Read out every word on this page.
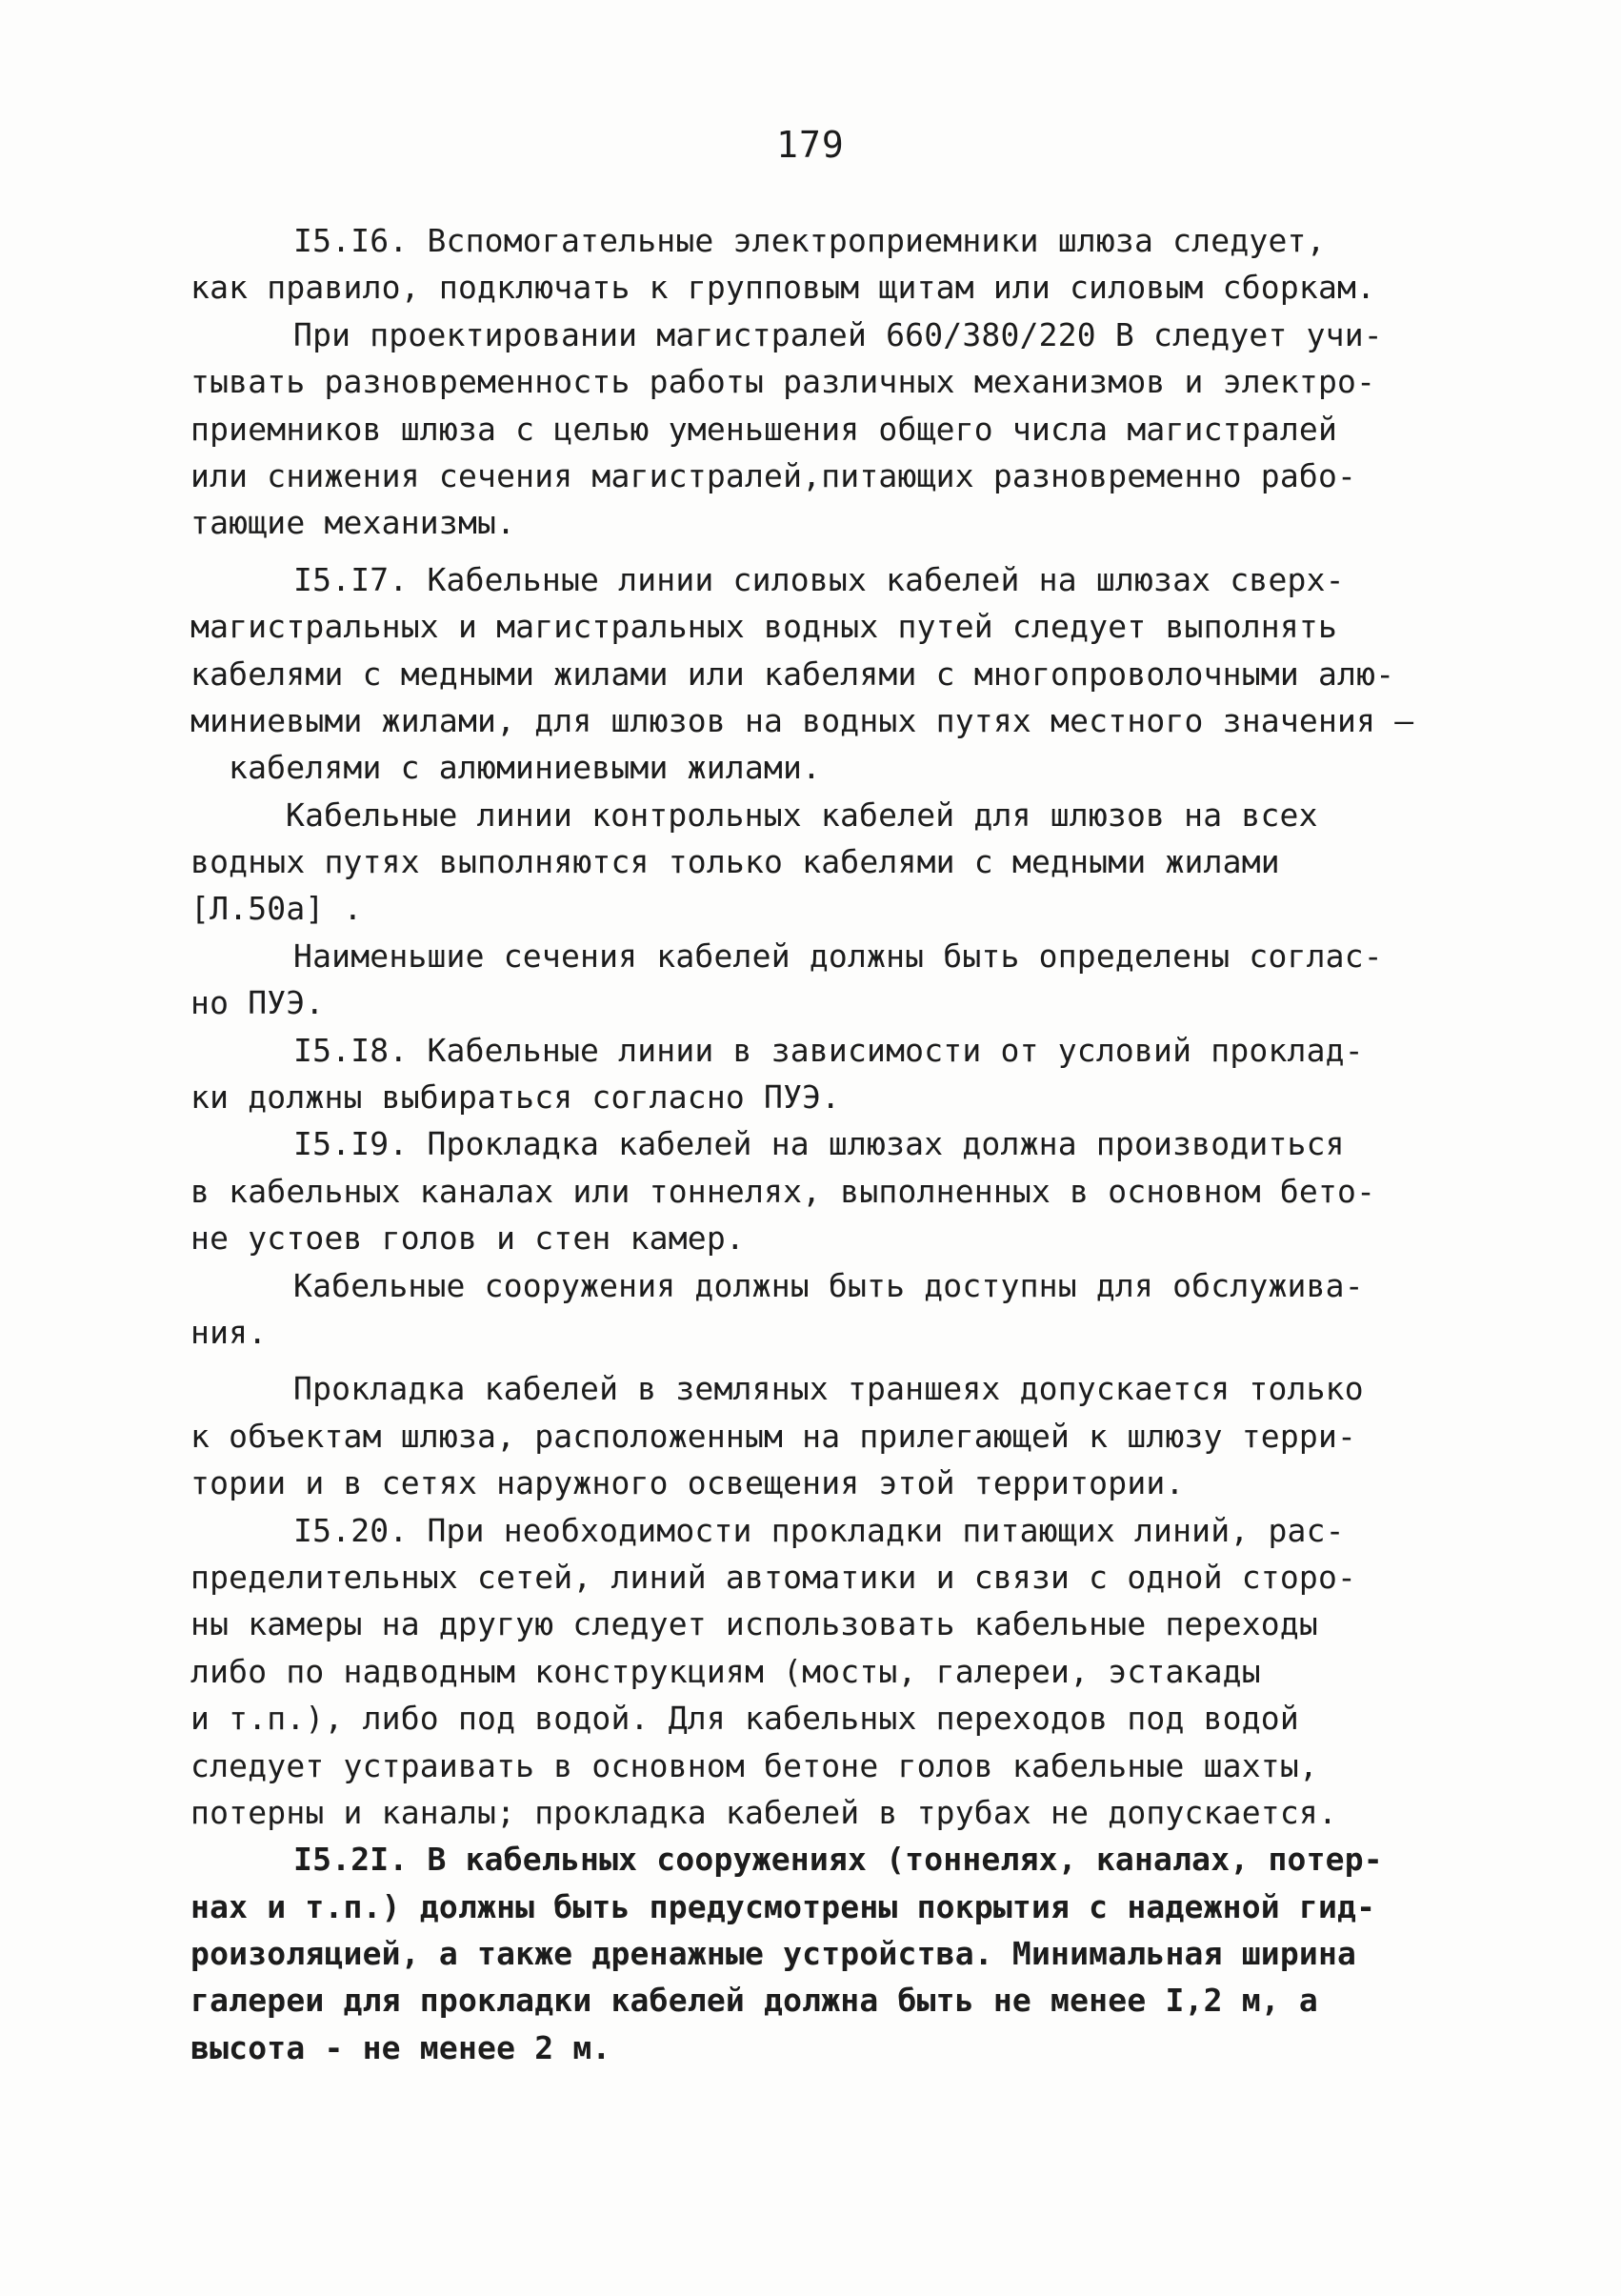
179
I5.I6. Вспомогательные электроприемники шлюза следует,
как правило, подключать к групповым щитам или силовым сборкам.
При проектировании магистралей 660/380/220 В следует учи-
тывать разновременность работы различных механизмов и электро-
приемников шлюза с целью уменьшения общего числа магистралей
или снижения сечения магистралей,питающих разновременно рабо-
тающие механизмы.
I5.I7. Кабельные линии силовых кабелей на шлюзах сверх-
магистральных и магистральных водных путей следует выполнять
кабелями с медными жилами или кабелями с многопроволочными алю-
миниевыми жилами, для шлюзов на водных путях местного значения —
кабелями с алюминиевыми жилами.
Кабельные линии контрольных кабелей для шлюзов на всех
водных путях выполняются только кабелями с медными жилами
[Л.50а] .
Наименьшие сечения кабелей должны быть определены соглас-
но ПУЭ.
I5.I8. Кабельные линии в зависимости от условий проклад-
ки должны выбираться согласно ПУЭ.
I5.I9. Прокладка кабелей на шлюзах должна производиться
в кабельных каналах или тоннелях, выполненных в основном бето-
не устоев голов и стен камер.
Кабельные сооружения должны быть доступны для обслужива-
ния.
Прокладка кабелей в земляных траншеях допускается только
к объектам шлюза, расположенным на прилегающей к шлюзу терри-
тории и в сетях наружного освещения этой территории.
I5.20. При необходимости прокладки питающих линий, рас-
пределительных сетей, линий автоматики и связи с одной сторо-
ны камеры на другую следует использовать кабельные переходы
либо по надводным конструкциям (мосты, галереи, эстакады
и т.п.), либо под водой. Для кабельных переходов под водой
следует устраивать в основном бетоне голов кабельные шахты,
потерны и каналы; прокладка кабелей в трубах не допускается.
I5.2I. В кабельных сооружениях (тоннелях, каналах, потер-
нах и т.п.) должны быть предусмотрены покрытия с надежной гид-
роизоляцией, а также дренажные устройства. Минимальная ширина
галереи для прокладки кабелей должна быть не менее I,2 м, а
высота - не менее 2 м.
